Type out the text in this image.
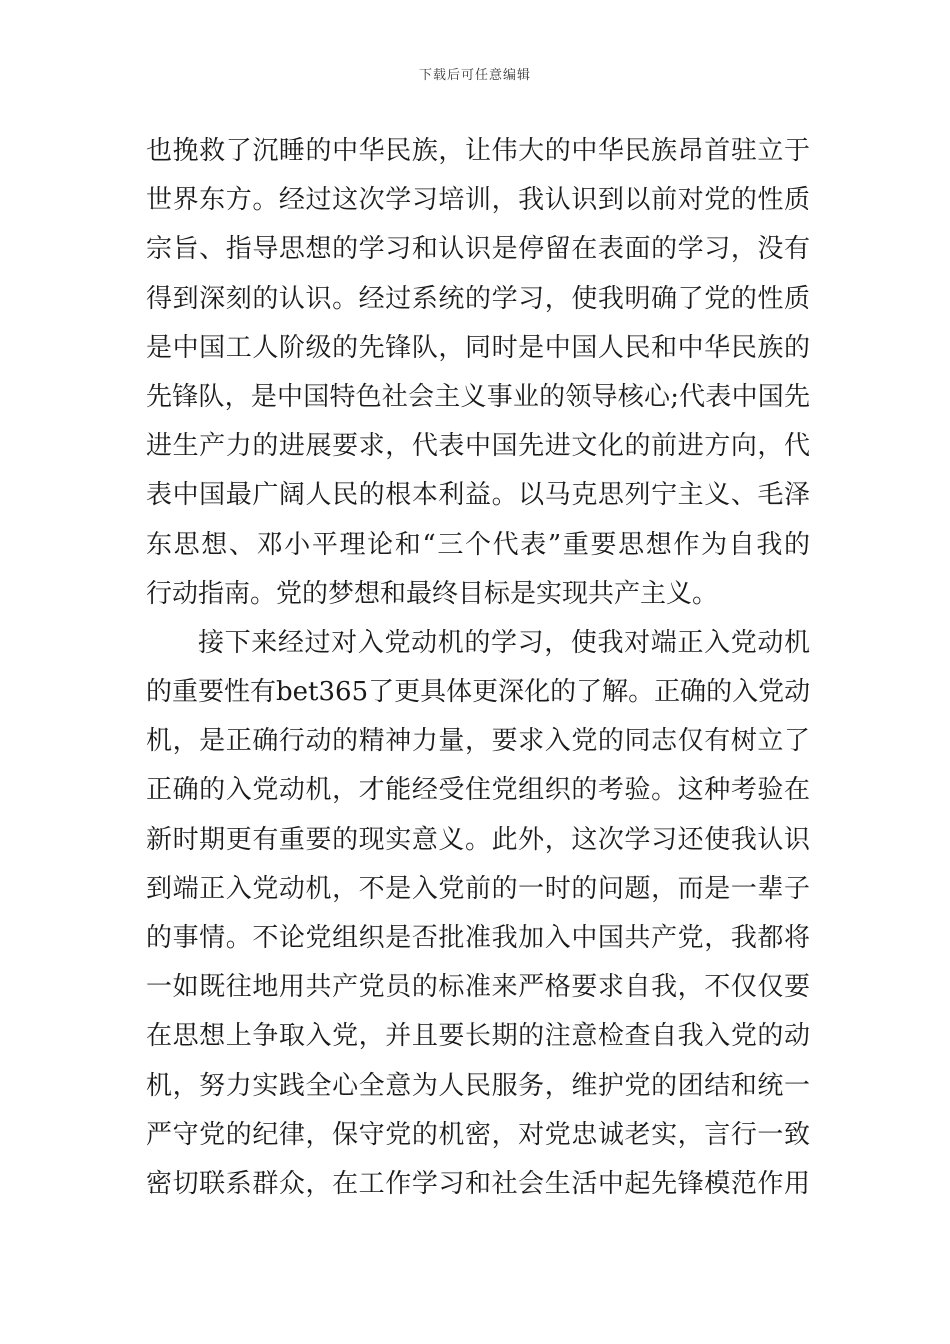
下载后可任意编辑
也挽救了沉睡的中华民族，让伟大的中华民族昂首驻立于
世界东方。经过这次学习培训，我认识到以前对党的性质
宗旨、指导思想的学习和认识是停留在表面的学习，没有
得到深刻的认识。经过系统的学习，使我明确了党的性质
是中国工人阶级的先锋队，同时是中国人民和中华民族的
先锋队，是中国特色社会主义事业的领导核心;代表中国先
进生产力的进展要求，代表中国先进文化的前进方向，代
表中国最广阔人民的根本利益。以马克思列宁主义、毛泽
东思想、邓小平理论和“三个代表”重要思想作为自我的
行动指南。党的梦想和最终目标是实现共产主义。
接下来经过对入党动机的学习，使我对端正入党动机
的重要性有bet365了更具体更深化的了解。正确的入党动
机，是正确行动的精神力量，要求入党的同志仅有树立了
正确的入党动机，才能经受住党组织的考验。这种考验在
新时期更有重要的现实意义。此外，这次学习还使我认识
到端正入党动机，不是入党前的一时的问题，而是一辈子
的事情。不论党组织是否批准我加入中国共产党，我都将
一如既往地用共产党员的标准来严格要求自我，不仅仅要
在思想上争取入党，并且要长期的注意检查自我入党的动
机，努力实践全心全意为人民服务，维护党的团结和统一
严守党的纪律，保守党的机密，对党忠诚老实，言行一致
密切联系群众，在工作学习和社会生活中起先锋模范作用
